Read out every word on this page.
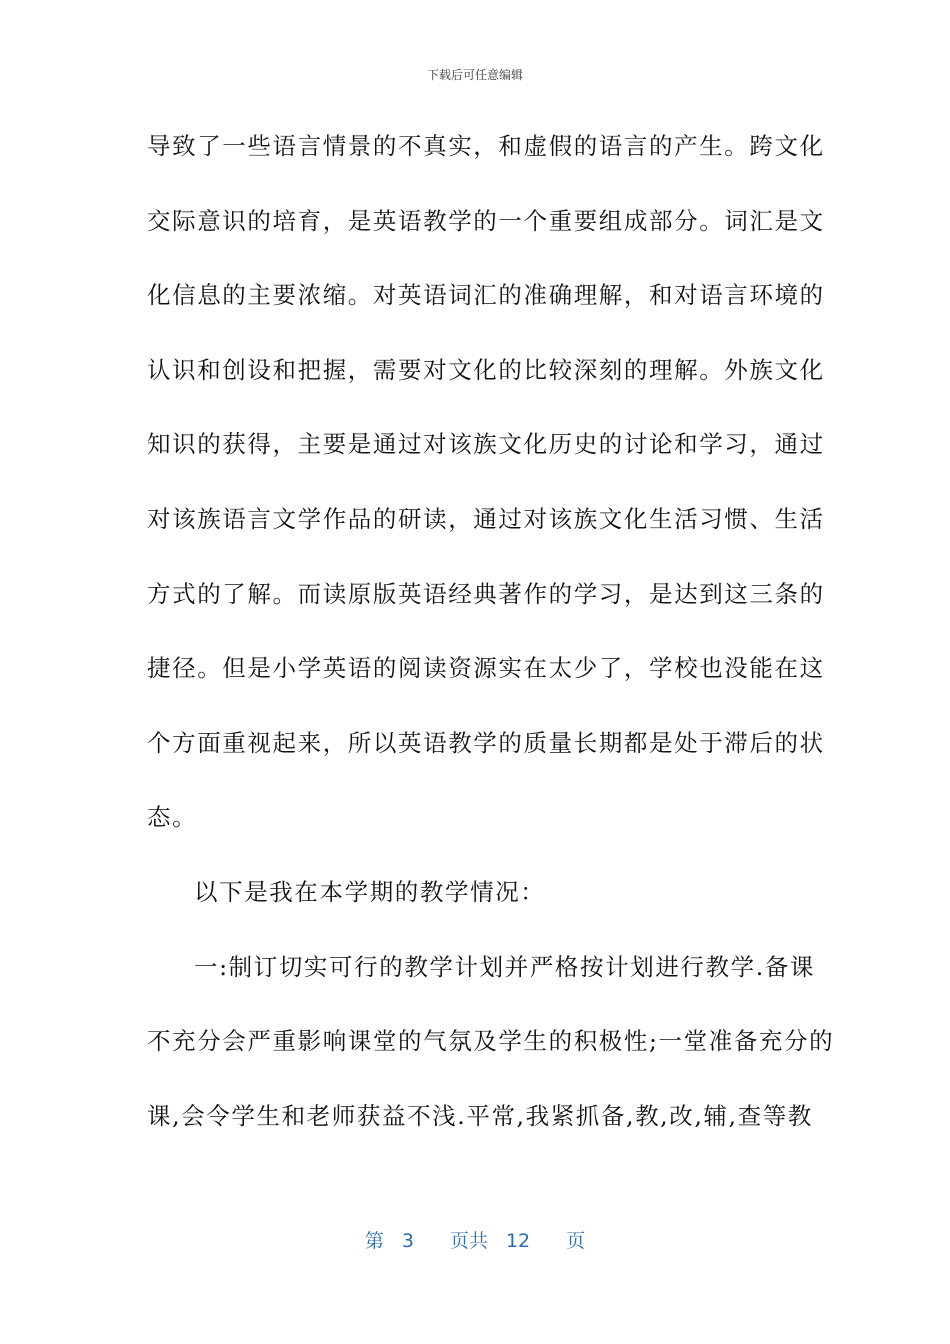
下载后可任意编辑
导致了一些语言情景的不真实，和虚假的语言的产生。跨文化
交际意识的培育，是英语教学的一个重要组成部分。词汇是文
化信息的主要浓缩。对英语词汇的准确理解，和对语言环境的
认识和创设和把握，需要对文化的比较深刻的理解。外族文化
知识的获得，主要是通过对该族文化历史的讨论和学习，通过
对该族语言文学作品的研读，通过对该族文化生活习惯、生活
方式的了解。而读原版英语经典著作的学习，是达到这三条的
捷径。但是小学英语的阅读资源实在太少了，学校也没能在这
个方面重视起来，所以英语教学的质量长期都是处于滞后的状
态。
以下是我在本学期的教学情况：
一:制订切实可行的教学计划并严格按计划进行教学.备课
不充分会严重影响课堂的气氛及学生的积极性;一堂准备充分的
课,会令学生和老师获益不浅.平常,我紧抓备,教,改,辅,查等教
第 3 页共 12 页
